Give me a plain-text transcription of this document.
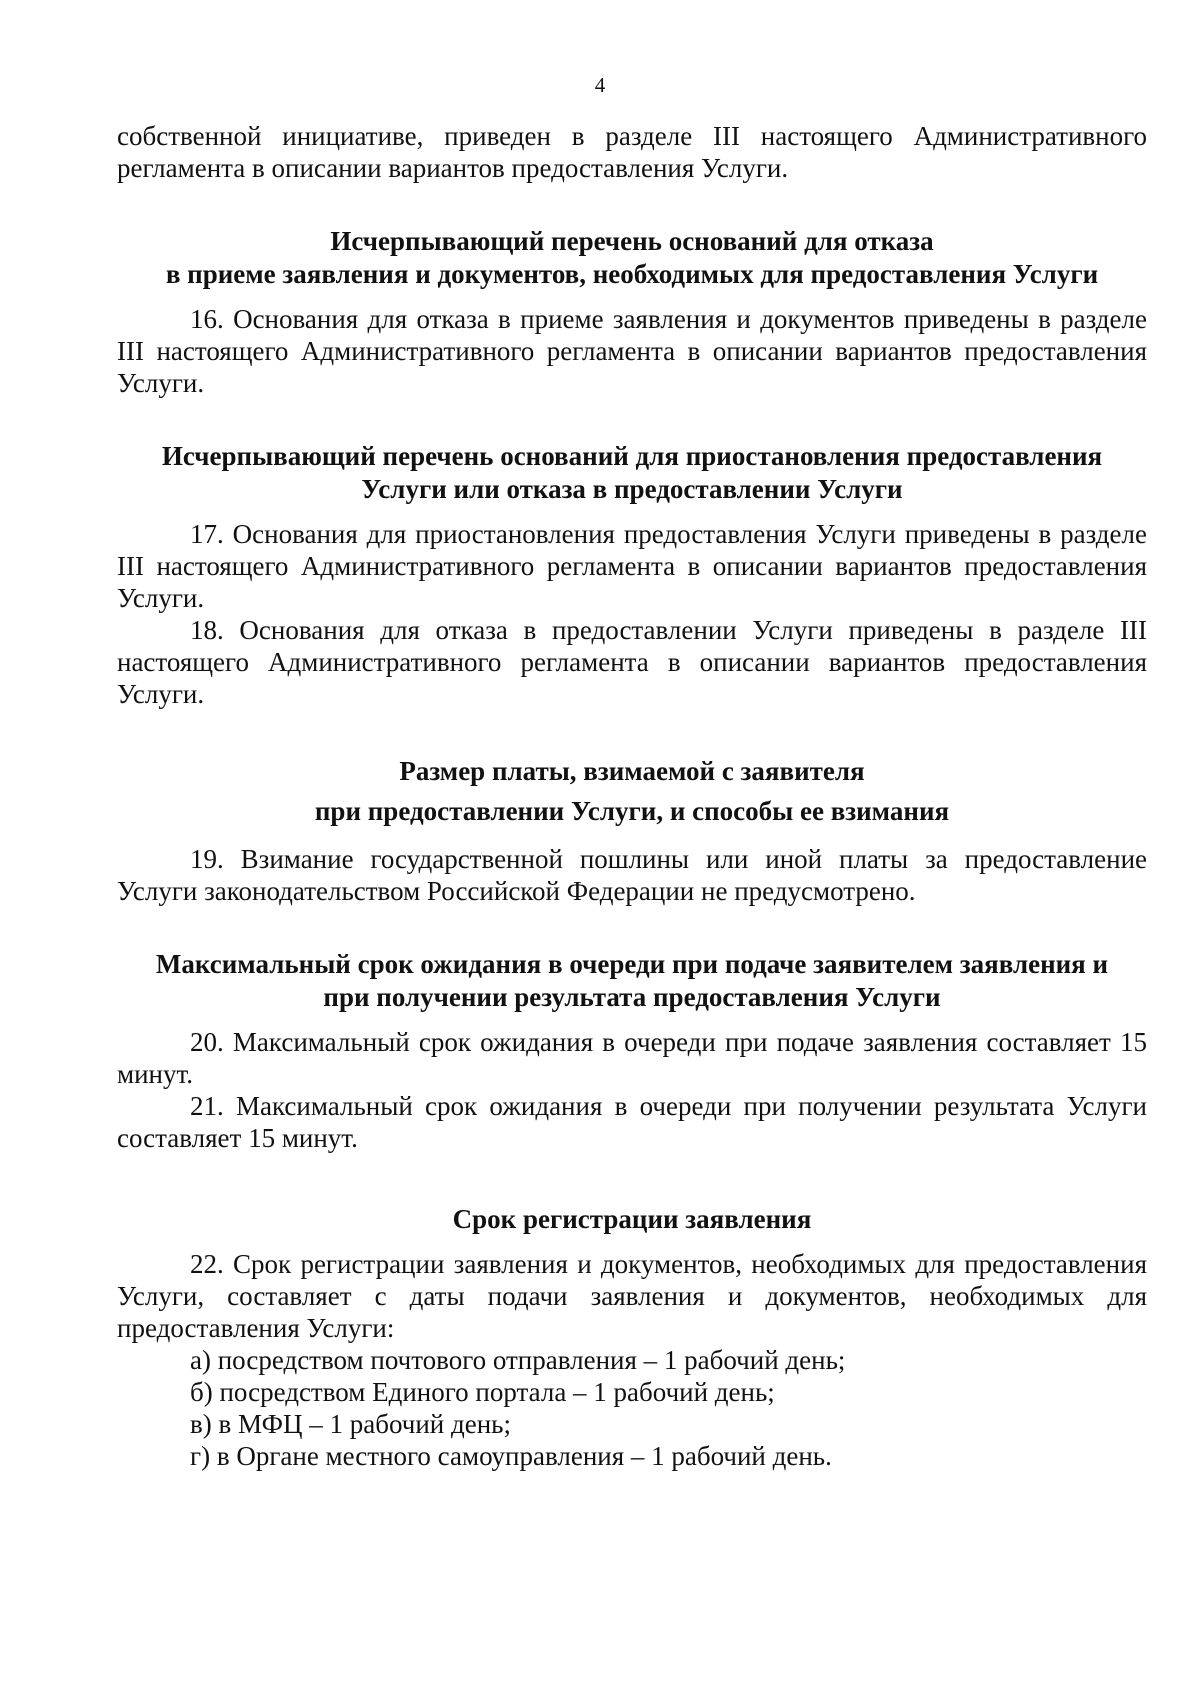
4

собственной инициативе, приведен в разделе III настоящего Административного регламента в описании вариантов предоставления Услуги.

Исчерпывающий перечень оснований для отказа
в приеме заявления и документов, необходимых для предоставления Услуги

16. Основания для отказа в приеме заявления и документов приведены в разделе III настоящего Административного регламента в описании вариантов предоставления Услуги.

Исчерпывающий перечень оснований для приостановления предоставления
Услуги или отказа в предоставлении Услуги

17. Основания для приостановления предоставления Услуги приведены в разделе III настоящего Административного регламента в описании вариантов предоставления Услуги.

18. Основания для отказа в предоставлении Услуги приведены в разделе III настоящего Административного регламента в описании вариантов предоставления Услуги.

Размер платы, взимаемой с заявителя
при предоставлении Услуги, и способы ее взимания

19. Взимание государственной пошлины или иной платы за предоставление Услуги законодательством Российской Федерации не предусмотрено.

Максимальный срок ожидания в очереди при подаче заявителем заявления и
при получении результата предоставления Услуги

20. Максимальный срок ожидания в очереди при подаче заявления составляет 15 минут.

21. Максимальный срок ожидания в очереди при получении результата Услуги составляет 15 минут.

Срок регистрации заявления

22. Срок регистрации заявления и документов, необходимых для предоставления Услуги, составляет с даты подачи заявления и документов, необходимых для предоставления Услуги:

а) посредством почтового отправления – 1 рабочий день;

б) посредством Единого портала – 1 рабочий день;

в) в МФЦ – 1 рабочий день;

г) в Органе местного самоуправления – 1 рабочий день.
